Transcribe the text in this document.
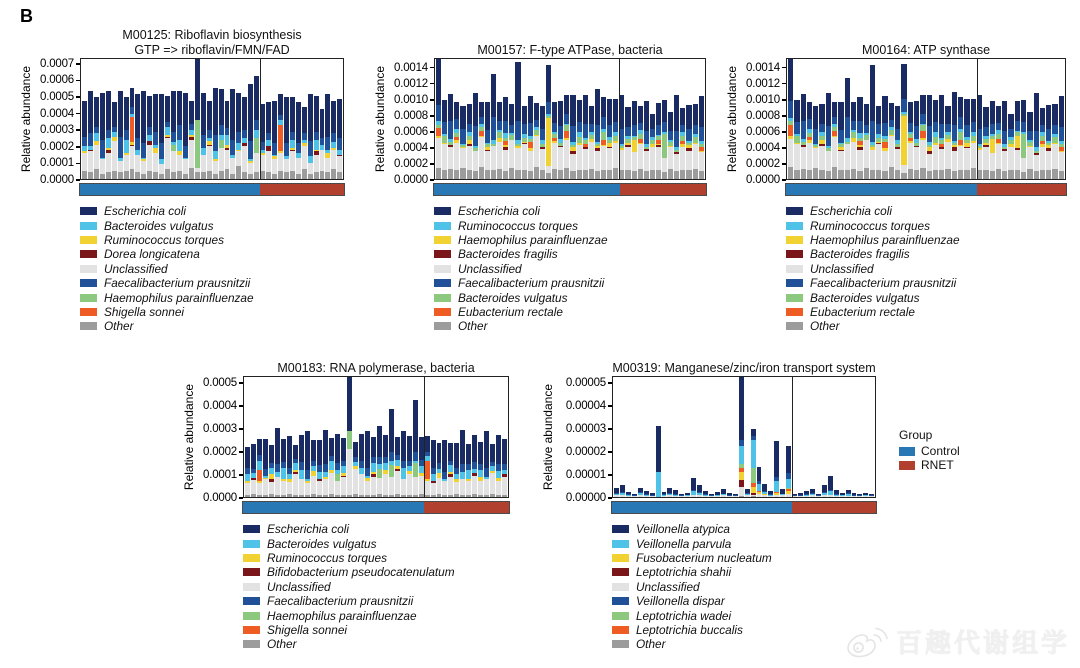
B
M00125: Riboflavin biosynthesis
GTP => riboflavin/FMN/FAD
Relative abundance
0.0000
0.0001
0.0002
0.0003
0.0004
0.0005
0.0006
0.0007
Escherichia coli
Bacteroides vulgatus
Ruminococcus torques
Dorea longicatena
Unclassified
Faecalibacterium prausnitzii
Haemophilus parainfluenzae
Shigella sonnei
Other
M00157: F-type ATPase, bacteria
Relative abundance
0.0000
0.0002
0.0004
0.0006
0.0008
0.0010
0.0012
0.0014
Escherichia coli
Ruminococcus torques
Haemophilus parainfluenzae
Bacteroides fragilis
Unclassified
Faecalibacterium prausnitzii
Bacteroides vulgatus
Eubacterium rectale
Other
M00164: ATP synthase
Relative abundance
0.0000
0.0002
0.0004
0.0006
0.0008
0.0010
0.0012
0.0014
Escherichia coli
Ruminococcus torques
Haemophilus parainfluenzae
Bacteroides fragilis
Unclassified
Faecalibacterium prausnitzii
Bacteroides vulgatus
Eubacterium rectale
Other
M00183: RNA polymerase, bacteria
Relative abundance
0.0000
0.0001
0.0002
0.0003
0.0004
0.0005
Escherichia coli
Bacteroides vulgatus
Ruminococcus torques
Bifidobacterium pseudocatenulatum
Unclassified
Faecalibacterium prausnitzii
Haemophilus parainfluenzae
Shigella sonnei
Other
M00319: Manganese/zinc/iron transport system
Relative abundance
0.00000
0.00001
0.00002
0.00003
0.00004
0.00005
Veillonella atypica
Veillonella parvula
Fusobacterium nucleatum
Leptotrichia shahii
Unclassified
Veillonella dispar
Leptotrichia wadei
Leptotrichia buccalis
Other
Group
Control
RNET
百趣代谢组学
